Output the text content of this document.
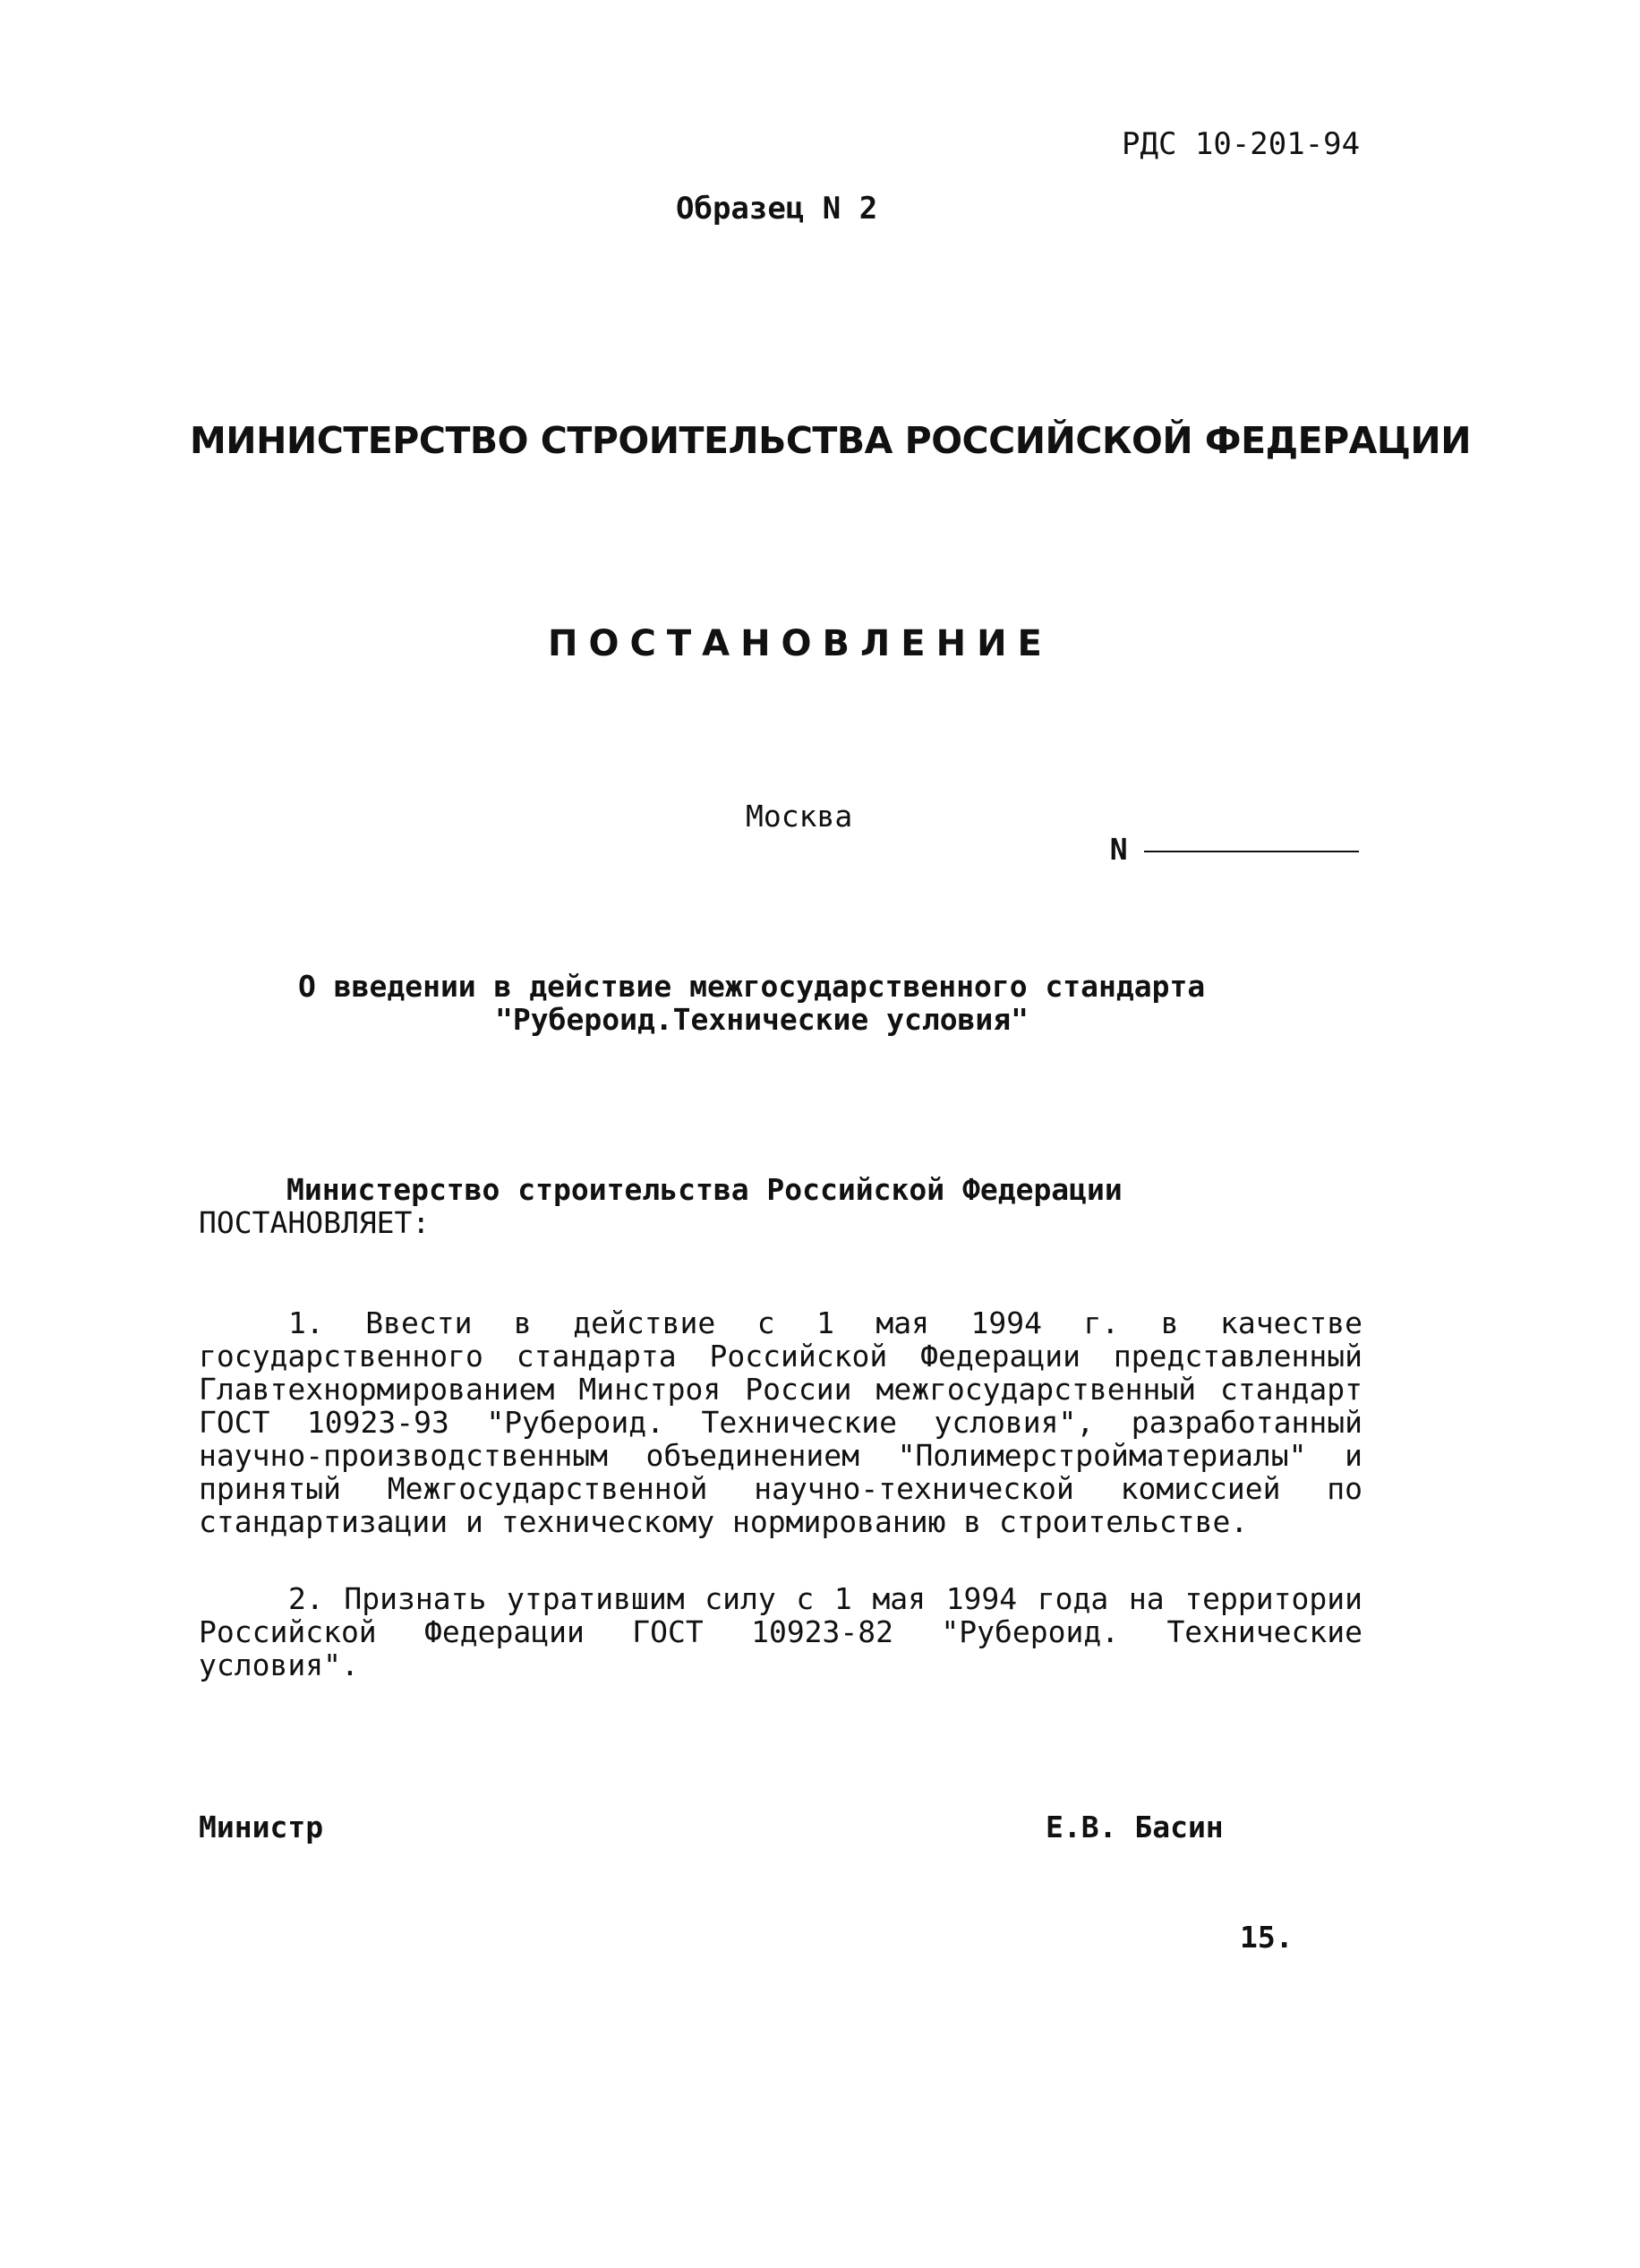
РДС 10-201-94
Образец N 2
МИНИСТЕРСТВО СТРОИТЕЛЬСТВА РОССИЙСКОЙ ФЕДЕРАЦИИ
ПОСТАНОВЛЕНИЕ
Москва

N

О введении в действие межгосударственного стандарта
"Рубероид.Технические условия"
Министерство строительства Российской Федерации
ПОСТАНОВЛЯЕТ:
1. Ввести в действие с 1 мая 1994 г. в качестве государственного стандарта Российской Федерации представленный Главтехнормированием Минстроя России межгосударственный стандарт ГОСТ 10923-93 "Рубероид. Технические условия", разработанный научно-производственным объединением "Полимерстройматериалы" и принятый Межгосударственной научно-технической комиссией по стандартизации и техническому нормированию в строительстве.
2. Признать утратившим силу с 1 мая 1994 года на территории Российской Федерации ГОСТ 10923-82 "Рубероид. Технические условия".
Министр	Е.В. Басин
15.
